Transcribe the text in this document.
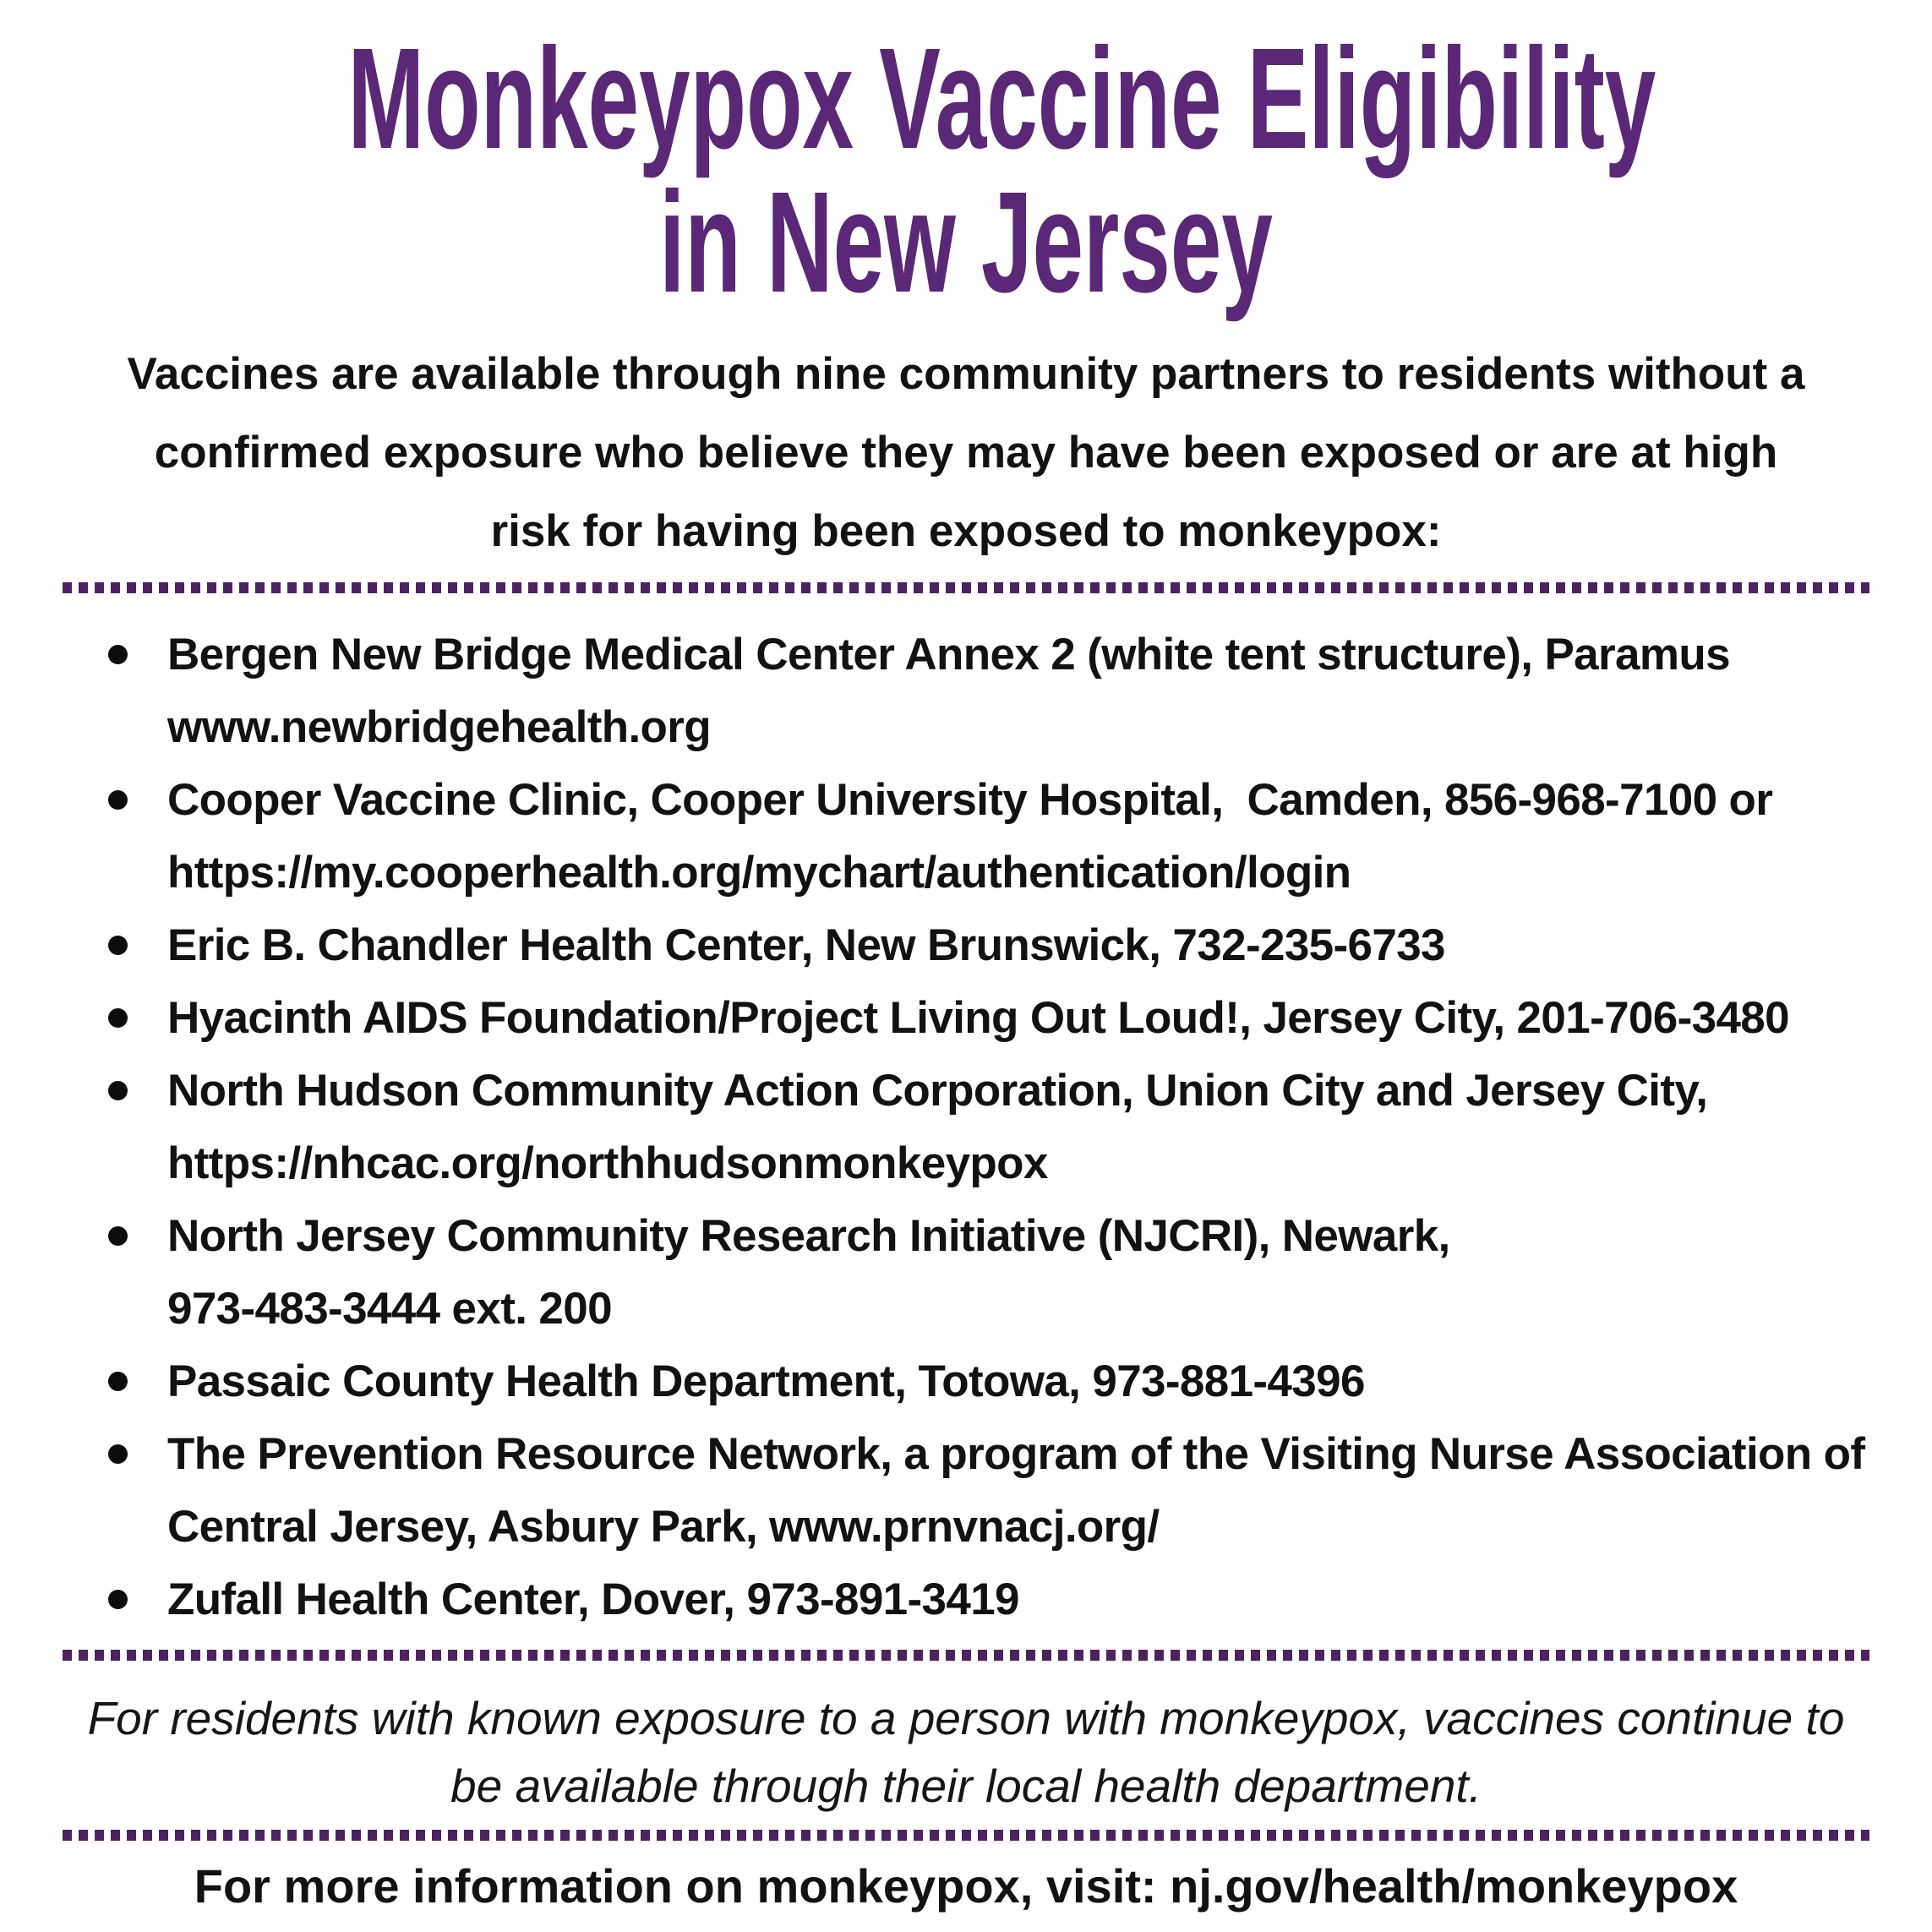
Monkeypox Vaccine Eligibility
in New Jersey
Vaccines are available through nine community partners to residents without a
confirmed exposure who believe they may have been exposed or are at high
risk for having been exposed to monkeypox:
Bergen New Bridge Medical Center Annex 2 (white tent structure), Paramus
www.newbridgehealth.org
Cooper Vaccine Clinic, Cooper University Hospital,  Camden, 856-968-7100 or
https://my.cooperhealth.org/mychart/authentication/login
Eric B. Chandler Health Center, New Brunswick, 732-235-6733
Hyacinth AIDS Foundation/Project Living Out Loud!, Jersey City, 201-706-3480
North Hudson Community Action Corporation, Union City and Jersey City,
https://nhcac.org/northhudsonmonkeypox
North Jersey Community Research Initiative (NJCRI), Newark,
973-483-3444 ext. 200
Passaic County Health Department, Totowa, 973-881-4396
The Prevention Resource Network, a program of the Visiting Nurse Association of
Central Jersey, Asbury Park, www.prnvnacj.org/
Zufall Health Center, Dover, 973-891-3419
For residents with known exposure to a person with monkeypox, vaccines continue to
be available through their local health department.
For more information on monkeypox, visit: nj.gov/health/monkeypox
